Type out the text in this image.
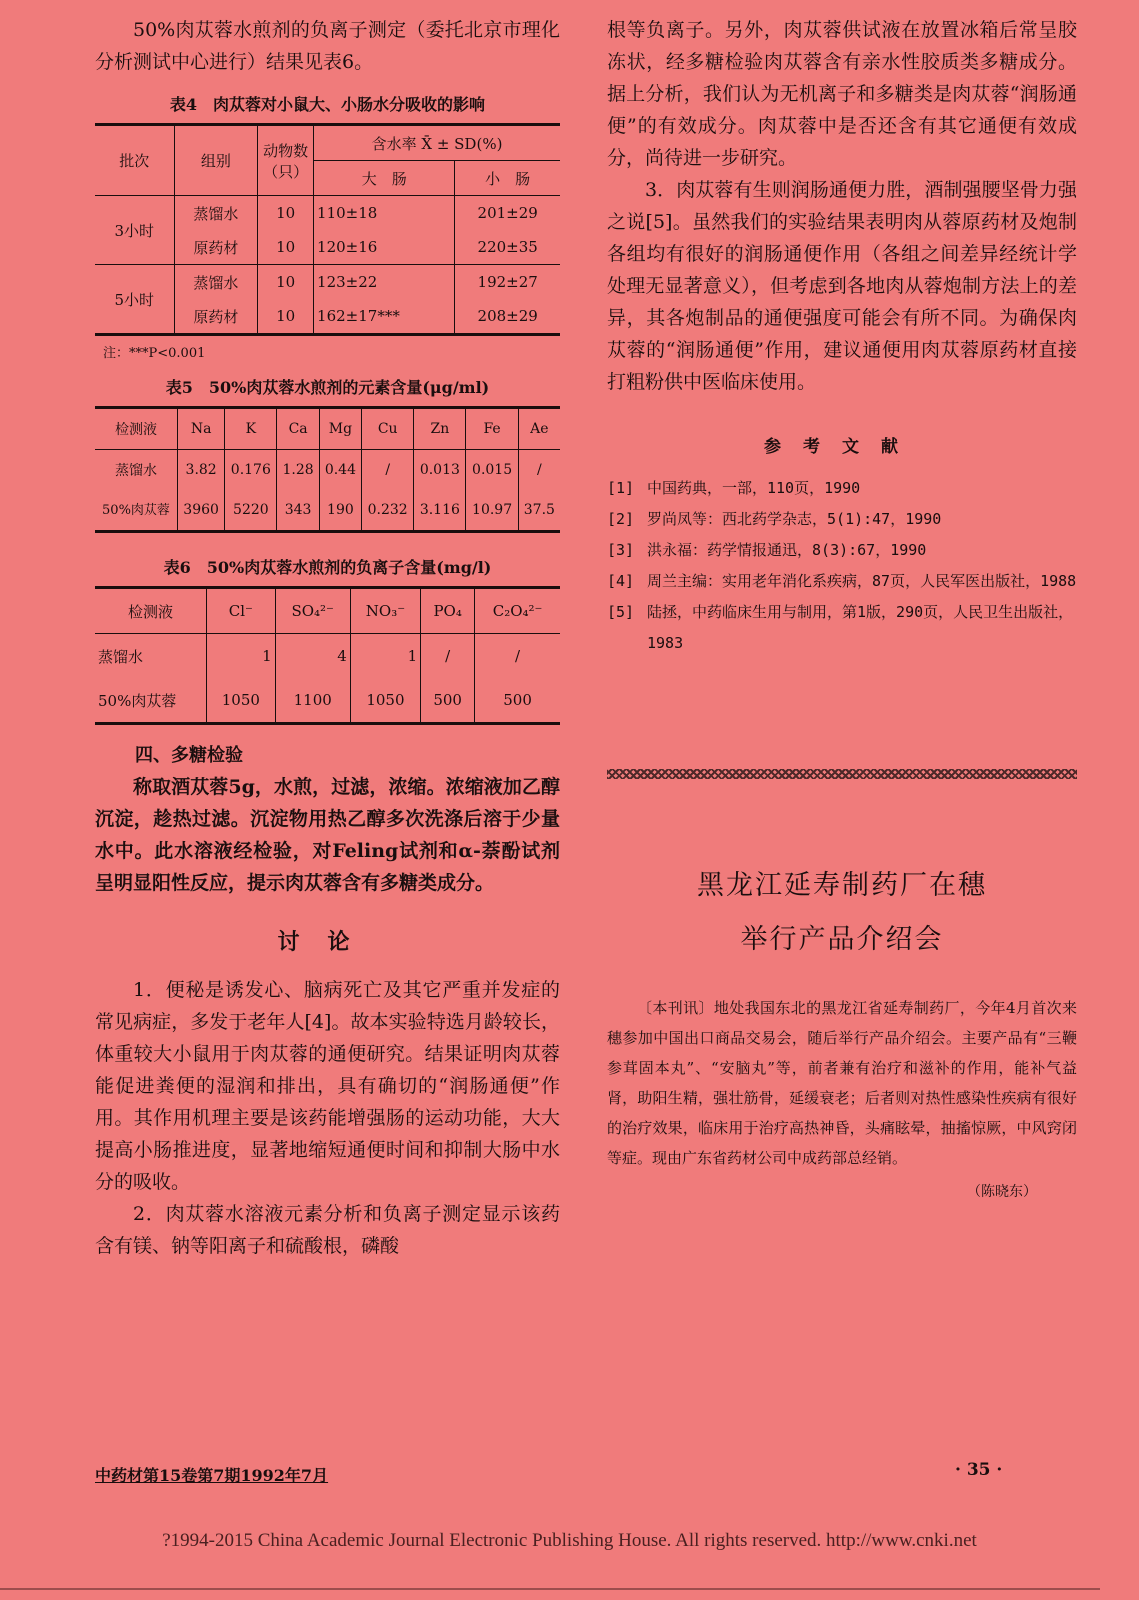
50%肉苁蓉水煎剂的负离子测定（委托北京市理化分析测试中心进行）结果见表6。

表4　肉苁蓉对小鼠大、小肠水分吸收的影响
批次	组别	动物数（只）	含水率 X̄ ± SD(%)	
			大　肠	小　肠
3小时	蒸馏水	10	110±18	201±29
	原药材	10	120±16	220±35
5小时	蒸馏水	10	123±22	192±27
	原药材	10	162±17***	208±29
注：***P<0.001
表5　50%肉苁蓉水煎剂的元素含量(μg/ml)
检测液	Na	K	Ca	Mg	Cu	Zn	Fe	Ae
蒸馏水	3.82	0.176	1.28	0.44	/	0.013	0.015	/
50%肉苁蓉	3960	5220	343	190	0.232	3.116	10.97	37.5
表6　50%肉苁蓉水煎剂的负离子含量(mg/l)
检测液	Cl⁻	SO₄²⁻	NO₃⁻	PO₄	C₂O₄²⁻
蒸馏水	1	4	1	/	/
50%肉苁蓉	1050	1100	1050	500	500
四、多糖检验

称取酒苁蓉5g，水煎，过滤，浓缩。浓缩液加乙醇沉淀，趁热过滤。沉淀物用热乙醇多次洗涤后溶于少量水中。此水溶液经检验，对Feling试剂和α-萘酚试剂呈明显阳性反应，提示肉苁蓉含有多糖类成分。

讨论

1．便秘是诱发心、脑病死亡及其它严重并发症的常见病症，多发于老年人[4]。故本实验特选月龄较长，体重较大小鼠用于肉苁蓉的通便研究。结果证明肉苁蓉能促进粪便的湿润和排出，具有确切的“润肠通便”作用。其作用机理主要是该药能增强肠的运动功能，大大提高小肠推进度，显著地缩短通便时间和抑制大肠中水分的吸收。

2．肉苁蓉水溶液元素分析和负离子测定显示该药含有镁、钠等阳离子和硫酸根，磷酸

根等负离子。另外，肉苁蓉供试液在放置冰箱后常呈胶冻状，经多糖检验肉苁蓉含有亲水性胶质类多糖成分。据上分析，我们认为无机离子和多糖类是肉苁蓉“润肠通便”的有效成分。肉苁蓉中是否还含有其它通便有效成分，尚待进一步研究。

3．肉苁蓉有生则润肠通便力胜，酒制强腰坚骨力强之说[5]。虽然我们的实验结果表明肉从蓉原药材及炮制各组均有很好的润肠通便作用（各组之间差异经统计学处理无显著意义），但考虑到各地肉从蓉炮制方法上的差异，其各炮制品的通便强度可能会有所不同。为确保肉苁蓉的“润肠通便”作用，建议通便用肉苁蓉原药材直接打粗粉供中医临床使用。

参考文献
[1] 中国药典，一部，110页，1990
[2] 罗尚凤等：西北药学杂志，5(1):47，1990
[3] 洪永福：药学情报通迅，8(3):67，1990
[4] 周兰主编：实用老年消化系疾病，87页，人民军医出版社，1988
[5] 陆拯，中药临床生用与制用，第1版，290页，人民卫生出版社，1983
黑龙江延寿制药厂在穗
举行产品介绍会

〔本刊讯〕地处我国东北的黑龙江省延寿制药厂，今年4月首次来穗参加中国出口商品交易会，随后举行产品介绍会。主要产品有“三鞭参茸固本丸”、“安脑丸”等，前者兼有治疗和滋补的作用，能补气益肾，助阳生精，强壮筋骨，延缓衰老；后者则对热性感染性疾病有很好的治疗效果，临床用于治疗高热神昏，头痛眩晕，抽搐惊厥，中风窍闭等症。现由广东省药材公司中成药部总经销。

（陈晓东）
中药材第15卷第7期1992年7月	· 35 ·
?1994-2015 China Academic Journal Electronic Publishing House. All rights reserved. http://www.cnki.net
